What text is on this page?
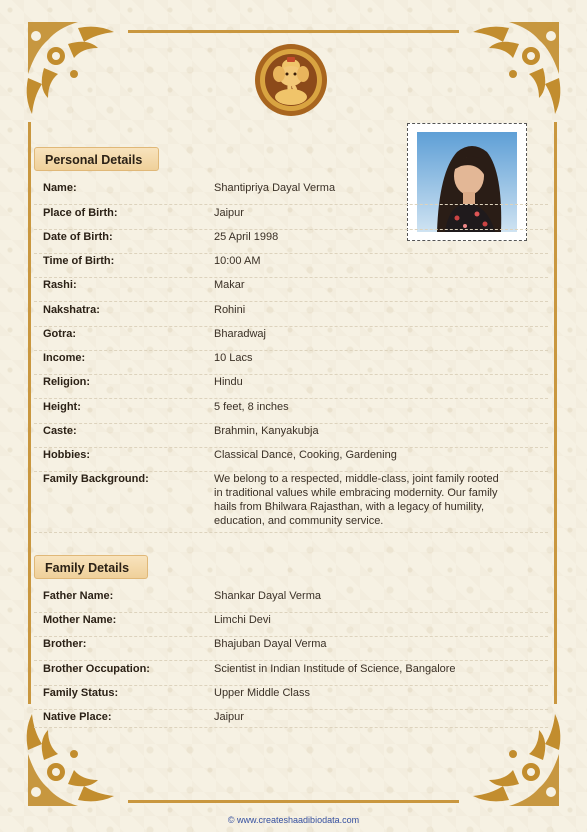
Personal Details
Name:	Shantipriya Dayal Verma
Place of Birth:	Jaipur
Date of Birth:	25 April 1998
Time of Birth:	10:00 AM
Rashi:	Makar
Nakshatra:	Rohini
Gotra:	Bharadwaj
Income:	10 Lacs
Religion:	Hindu
Height:	5 feet, 8 inches
Caste:	Brahmin, Kanyakubja
Hobbies:	Classical Dance, Cooking, Gardening
Family Background:	We belong to a respected, middle-class, joint family rooted in traditional values while embracing modernity. Our family hails from Bhilwara Rajasthan, with a legacy of humility, education, and community service.
Family Details
Father Name:	Shankar Dayal Verma
Mother Name:	Limchi Devi
Brother:	Bhajuban Dayal Verma
Brother Occupation:	Scientist in Indian Institude of Science, Bangalore
Family Status:	Upper Middle Class
Native Place:	Jaipur
© www.createshaadibiodata.com
